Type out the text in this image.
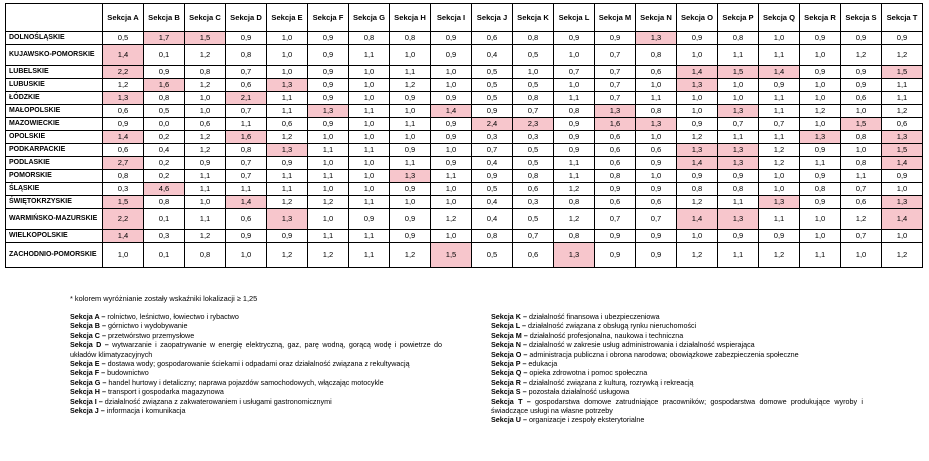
	Sekcja A	Sekcja B	Sekcja C	Sekcja D	Sekcja E	Sekcja F	Sekcja G	Sekcja H	Sekcja I	Sekcja J	Sekcja K	Sekcja L	Sekcja M	Sekcja N	Sekcja O	Sekcja P	Sekcja Q	Sekcja R	Sekcja S	Sekcja T
DOLNOŚLĄSKIE	0,5	1,7	1,5	0,9	1,0	0,9	0,8	0,8	0,9	0,6	0,8	0,9	0,9	1,3	0,9	0,8	1,0	0,9	0,9	0,9
KUJAWSKO-POMORSKIE	1,4	0,1	1,2	0,8	1,0	0,9	1,1	1,0	0,9	0,4	0,5	1,0	0,7	0,8	1,0	1,1	1,1	1,0	1,2	1,2
LUBELSKIE	2,2	0,9	0,8	0,7	1,0	0,9	1,0	1,1	1,0	0,5	1,0	0,7	0,7	0,6	1,4	1,5	1,4	0,9	0,9	1,5
LUBUSKIE	1,2	1,6	1,2	0,6	1,3	0,9	1,0	1,2	1,0	0,5	0,5	1,0	0,7	1,0	1,3	1,0	0,9	1,0	0,9	1,1
ŁÓDZKIE	1,3	0,8	1,0	2,1	1,1	0,9	1,0	0,9	0,9	0,5	0,8	1,1	0,7	1,1	1,0	1,0	1,1	1,0	0,6	1,1
MAŁOPOLSKIE	0,6	0,5	1,0	0,7	1,1	1,3	1,1	1,0	1,4	0,9	0,7	0,8	1,3	0,8	1,0	1,3	1,1	1,2	1,0	1,2
MAZOWIECKIE	0,9	0,0	0,6	1,1	0,6	0,9	1,0	1,1	0,9	2,4	2,3	0,9	1,6	1,3	0,9	0,7	0,7	1,0	1,5	0,6
OPOLSKIE	1,4	0,2	1,2	1,6	1,2	1,0	1,0	1,0	0,9	0,3	0,3	0,9	0,6	1,0	1,2	1,1	1,1	1,3	0,8	1,3
PODKARPACKIE	0,6	0,4	1,2	0,8	1,3	1,1	1,1	0,9	1,0	0,7	0,5	0,9	0,6	0,6	1,3	1,3	1,2	0,9	1,0	1,5
PODLASKIE	2,7	0,2	0,9	0,7	0,9	1,0	1,0	1,1	0,9	0,4	0,5	1,1	0,6	0,9	1,4	1,3	1,2	1,1	0,8	1,4
POMORSKIE	0,8	0,2	1,1	0,7	1,1	1,1	1,0	1,3	1,1	0,9	0,8	1,1	0,8	1,0	0,9	0,9	1,0	0,9	1,1	0,9
ŚLĄSKIE	0,3	4,6	1,1	1,1	1,1	1,0	1,0	0,9	1,0	0,5	0,6	1,2	0,9	0,9	0,8	0,8	1,0	0,8	0,7	1,0
ŚWIĘTOKRZYSKIE	1,5	0,8	1,0	1,4	1,2	1,2	1,1	1,0	1,0	0,4	0,3	0,8	0,6	0,6	1,2	1,1	1,3	0,9	0,6	1,3
WARMIŃSKO-MAZURSKIE	2,2	0,1	1,1	0,6	1,3	1,0	0,9	0,9	1,2	0,4	0,5	1,2	0,7	0,7	1,4	1,3	1,1	1,0	1,2	1,4
WIELKOPOLSKIE	1,4	0,3	1,2	0,9	0,9	1,1	1,1	0,9	1,0	0,8	0,7	0,8	0,9	0,9	1,0	0,9	0,9	1,0	0,7	1,0
ZACHODNIO-POMORSKIE	1,0	0,1	0,8	1,0	1,2	1,2	1,1	1,2	1,5	0,5	0,6	1,3	0,9	0,9	1,2	1,1	1,2	1,1	1,0	1,2
* kolorem wyróżnianie zostały wskaźniki lokalizacji ≥ 1,25
Sekcja A – rolnictwo, leśnictwo, łowiectwo i rybactwo
Sekcja B – górnictwo i wydobywanie
Sekcja C – przetwórstwo przemysłowe
Sekcja D – wytwarzanie i zaopatrywanie w energię elektryczną, gaz, parę wodną, gorącą wodę i powietrze do układów klimatyzacyjnych
Sekcja E – dostawa wody; gospodarowanie ściekami i odpadami oraz działalność związana z rekultywacją
Sekcja F – budownictwo
Sekcja G – handel hurtowy i detaliczny; naprawa pojazdów samochodowych, włączając motocykle
Sekcja H – transport i gospodarka magazynowa
Sekcja I – działalność związana z zakwaterowaniem i usługami gastronomicznymi
Sekcja J – informacja i komunikacja
Sekcja K – działalność finansowa i ubezpieczeniowa
Sekcja L – działalność związana z obsługą rynku nieruchomości
Sekcja M – działalność profesjonalna, naukowa i techniczna
Sekcja N – działalność w zakresie usług administrowania i działalność wspierająca
Sekcja O – administracja publiczna i obrona narodowa; obowiązkowe zabezpieczenia społeczne
Sekcja P – edukacja
Sekcja Q – opieka zdrowotna i pomoc społeczna
Sekcja R – działalność związana z kulturą, rozrywką i rekreacją
Sekcja S – pozostała działalność usługowa
Sekcja T – gospodarstwa domowe zatrudniające pracowników; gospodarstwa domowe produkujące wyroby i świadczące usługi na własne potrzeby
Sekcja U – organizacje i zespoły eksterytorialne
